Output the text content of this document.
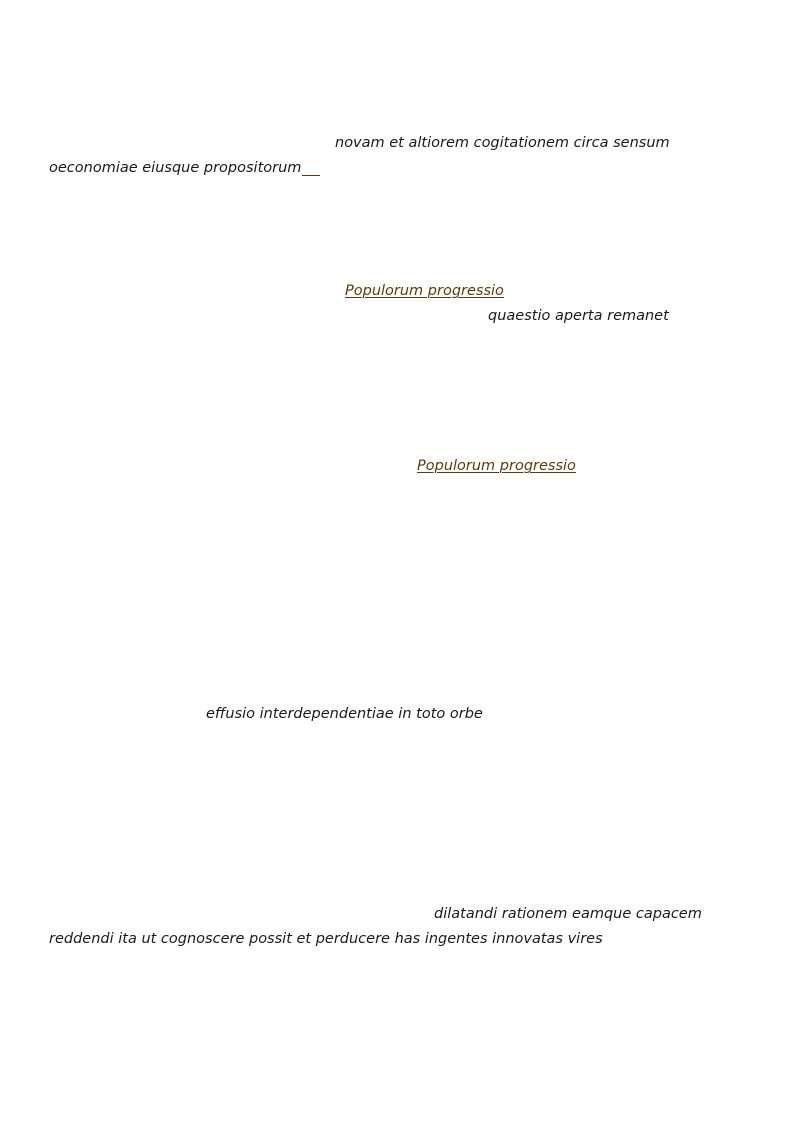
novam et altiorem cogitationem circa sensum
oeconomiae eiusque propositorum
Populorum progressio
quaestio aperta remanet
Populorum progressio
effusio interdependentiae in toto orbe
dilatandi rationem eamque capacem
reddendi ita ut cognoscere possit et perducere has ingentes innovatas vires
